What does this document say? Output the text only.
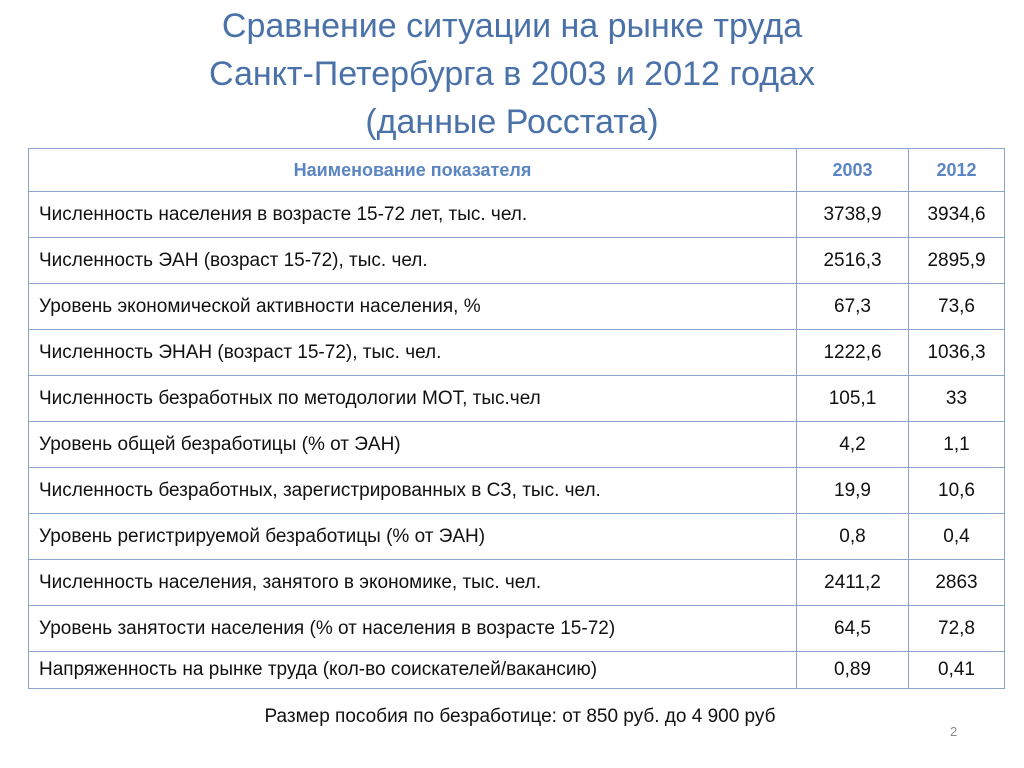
Сравнение ситуации на рынке труда
Санкт-Петербурга в 2003 и 2012 годах
(данные Росстата)
Наименование показателя	2003	2012
Численность населения в возрасте 15-72 лет, тыс. чел.	3738,9	3934,6
Численность ЭАН (возраст 15-72), тыс. чел.	2516,3	2895,9
Уровень экономической активности населения, %	67,3	73,6
Численность ЭНАН (возраст 15-72), тыс. чел.	1222,6	1036,3
Численность безработных по методологии МОТ, тыс.чел	105,1	33
Уровень общей безработицы (% от ЭАН)	4,2	1,1
Численность безработных, зарегистрированных в СЗ, тыс. чел.	19,9	10,6
Уровень регистрируемой безработицы (% от ЭАН)	0,8	0,4
Численность населения, занятого в экономике, тыс. чел.	2411,2	2863
Уровень занятости населения (% от населения в возрасте 15-72)	64,5	72,8
Напряженность на рынке труда (кол-во соискателей/вакансию)	0,89	0,41
Размер пособия по безработице: от 850 руб. до 4 900 руб
2
